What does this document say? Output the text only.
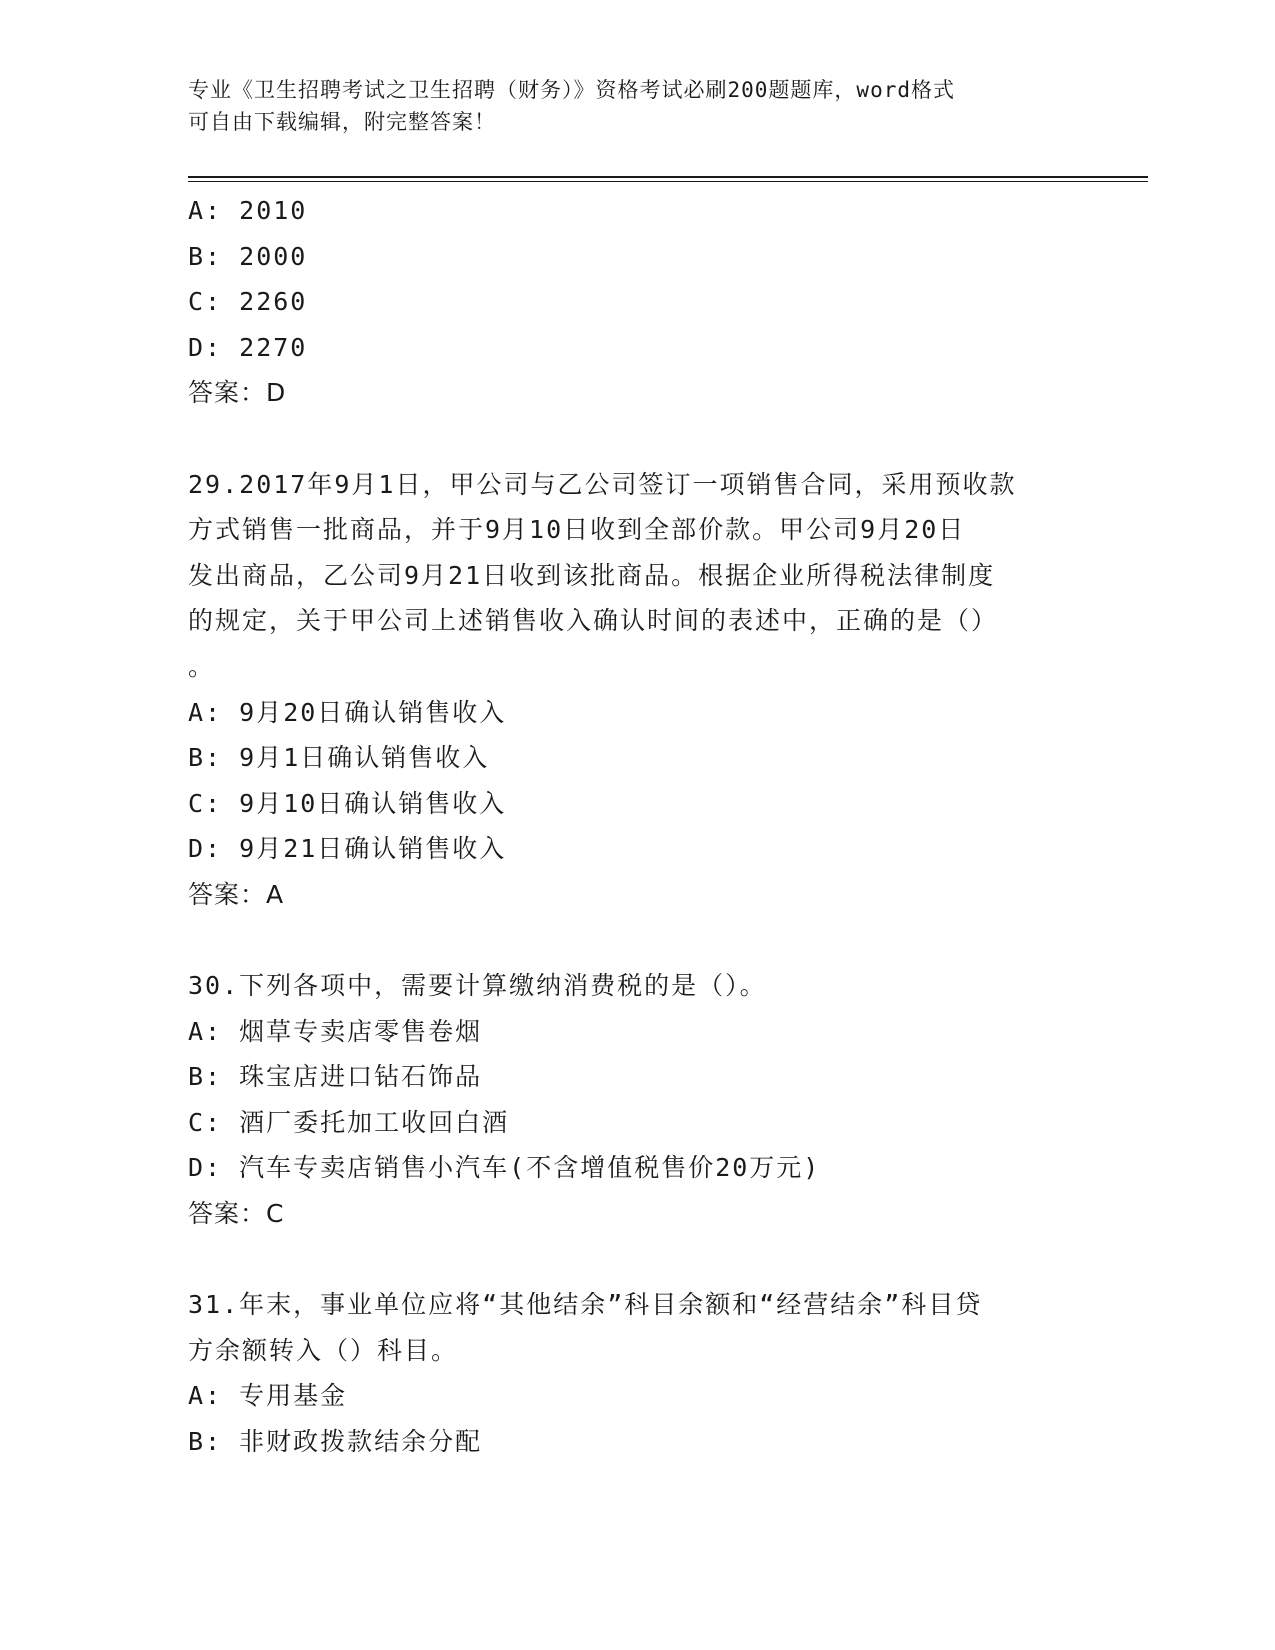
专业《卫生招聘考试之卫生招聘（财务）》资格考试必刷200题题库，word格式
可自由下载编辑，附完整答案！
A: 2010
B: 2000
C: 2260
D: 2270
答案：D
29.2017年9月1日，甲公司与乙公司签订一项销售合同，采用预收款
方式销售一批商品，并于9月10日收到全部价款。甲公司9月20日
发出商品，乙公司9月21日收到该批商品。根据企业所得税法律制度
的规定，关于甲公司上述销售收入确认时间的表述中，正确的是（）
。
A: 9月20日确认销售收入
B: 9月1日确认销售收入
C: 9月10日确认销售收入
D: 9月21日确认销售收入
答案：A
30.下列各项中，需要计算缴纳消费税的是（）。
A: 烟草专卖店零售卷烟
B: 珠宝店进口钻石饰品
C: 酒厂委托加工收回白酒
D: 汽车专卖店销售小汽车(不含增值税售价20万元)
答案：C
31.年末，事业单位应将“其他结余”科目余额和“经营结余”科目贷
方余额转入（）科目。
A: 专用基金
B: 非财政拨款结余分配
